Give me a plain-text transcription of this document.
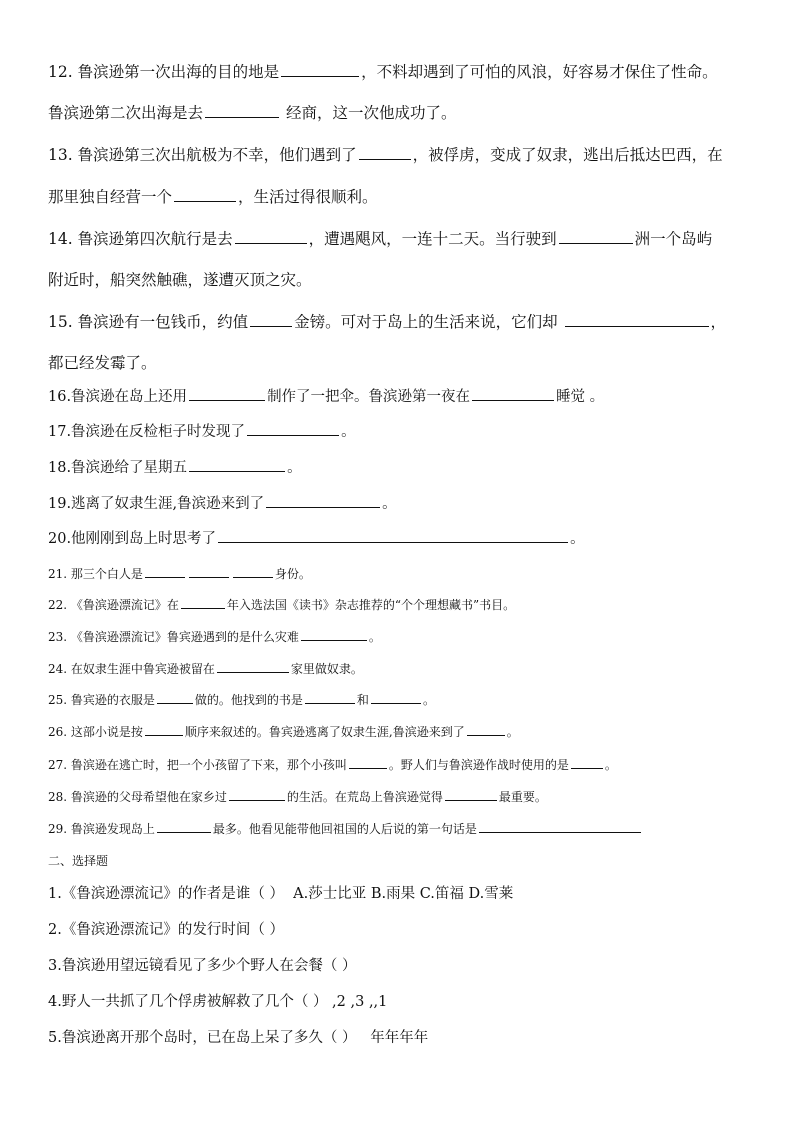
12. 鲁滨逊第一次出海的目的地是	，不料却遇到了可怕的风浪，好容易才保住了性命。
鲁滨逊第二次出海是去	经商，这一次他成功了。
13. 鲁滨逊第三次出航极为不幸，他们遇到了	，被俘虏，变成了奴隶，逃出后抵达巴西，在
那里独自经营一个	，生活过得很顺利。
14. 鲁滨逊第四次航行是去	，遭遇飓风，一连十二天。当行驶到	洲一个岛屿
附近时，船突然触礁，遂遭灭顶之灾。
15. 鲁滨逊有一包钱币，约值	金镑。可对于岛上的生活来说，它们却	，
都已经发霉了。
16.鲁滨逊在岛上还用	制作了一把伞。鲁滨逊第一夜在	睡觉 。
17.鲁滨逊在反检柜子时发现了	。
18.鲁滨逊给了星期五	。
19.逃离了奴隶生涯,鲁滨逊来到了	。
20.他刚刚到岛上时思考了	。
21. 那三个白人是	身份。
22. 《鲁滨逊漂流记》在	年入选法国《读书》杂志推荐的“个个理想藏书”书目。
23. 《鲁滨逊漂流记》鲁宾逊遇到的是什么灾难	。
24. 在奴隶生涯中鲁宾逊被留在	家里做奴隶。
25. 鲁宾逊的衣服是	做的。他找到的书是	和	。
26. 这部小说是按	顺序来叙述的。鲁宾逊逃离了奴隶生涯,鲁滨逊来到了	。
27. 鲁滨逊在逃亡时，把一个小孩留了下来，那个小孩叫	。野人们与鲁滨逊作战时使用的是	。
28. 鲁滨逊的父母希望他在家乡过	的生活。在荒岛上鲁滨逊觉得	最重要。
29. 鲁滨逊发现岛上	最多。他看见能带他回祖国的人后说的第一句话是
二、选择题
1.《鲁滨逊漂流记》的作者是谁（ ） A.莎士比亚 B.雨果 C.笛福 D.雪莱
2.《鲁滨逊漂流记》的发行时间（ ）
3.鲁滨逊用望远镜看见了多少个野人在会餐（ ）
4.野人一共抓了几个俘虏被解救了几个（ ） ,2 ,3 ,,1
5.鲁滨逊离开那个岛时，已在岛上呆了多久（ ） 年年年年
